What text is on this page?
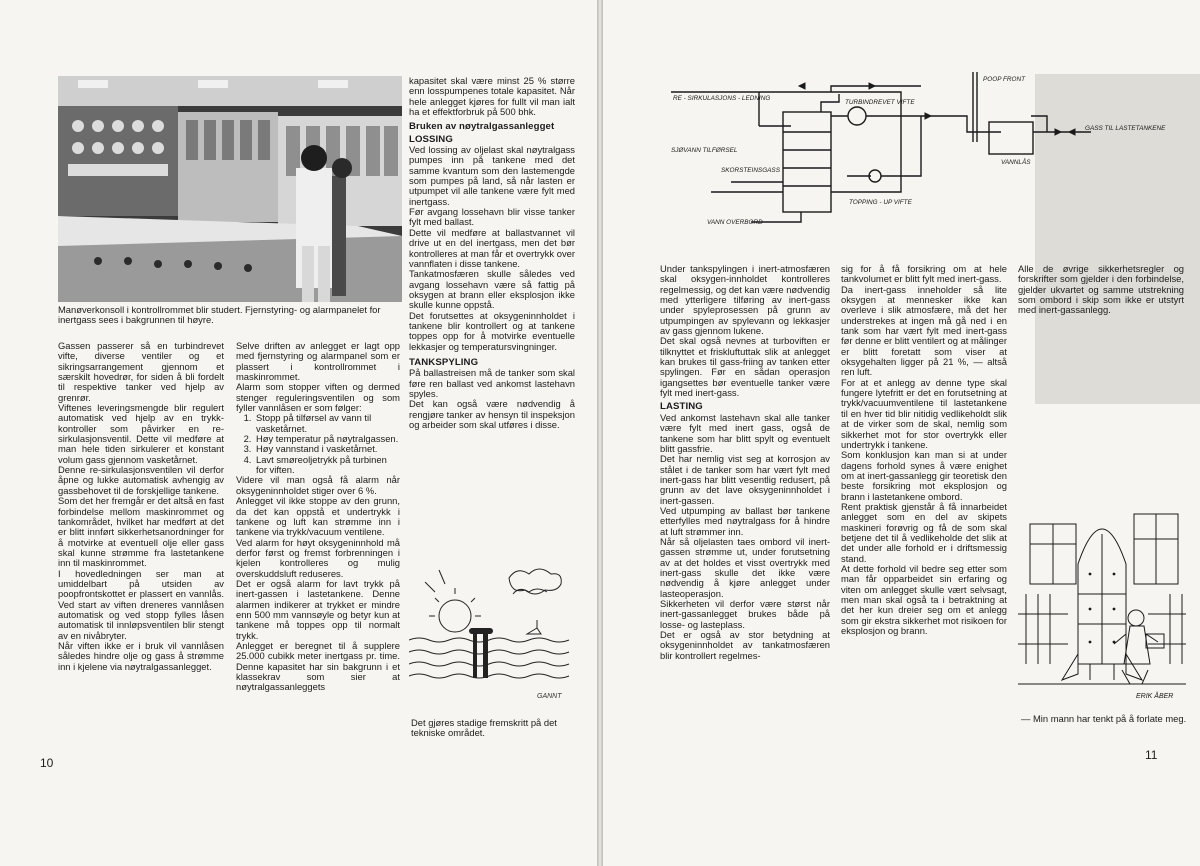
Manøverkonsoll i kontrollrommet blir studert. Fjernstyring- og alarmpanelet for inertgass sees i bakgrunnen til høyre.

Gassen passerer så en turbindrevet vifte, diverse ventiler og et sikringsarrangement gjennom et særskilt hovedrør, for siden å bli fordelt til respektive tanker ved hjelp av grenrør.

Viftenes leveringsmengde blir regulert automatisk ved hjelp av en trykk-kontroller som påvirker en re-sirkulasjonsventil. Dette vil medføre at man hele tiden sirkulerer et konstant volum gass gjennom vasketårnet.

Denne re-sirkulasjonsventilen vil derfor åpne og lukke automatisk avhengig av gassbehovet til de forskjellige tankene.

Som det her fremgår er det altså en fast forbindelse mellom maskinrommet og tankområdet, hvilket har medført at det er blitt innført sikkerhetsanordninger for å motvirke at eventuell olje eller gass skal kunne strømme fra lastetankene inn til maskinrommet.

I hovedledningen ser man at umiddelbart på utsiden av poopfrontskottet er plassert en vannlås. Ved start av viften dreneres vannlåsen automatisk og ved stopp fylles låsen automatisk til innløpsventilen blir stengt av en nivåbryter.

Når viften ikke er i bruk vil vannlåsen således hindre olje og gass å strømme inn i kjelene via nøytralgassanlegget.

Selve driften av anlegget er lagt opp med fjernstyring og alarmpanel som er plassert i kontrollrommet i maskinrommet.

Alarm som stopper viften og dermed stenger reguleringsventilen og som fyller vannlåsen er som følger:

1. Stopp på tilførsel av vann til vasketårnet.
2. Høy temperatur på nøytralgassen.
3. Høy vannstand i vasketårnet.
4. Lavt smøreoljetrykk på turbinen for viften.

Videre vil man også få alarm når oksygeninnholdet stiger over 6 %.

Anlegget vil ikke stoppe av den grunn, da det kan oppstå et undertrykk i tankene og luft kan strømme inn i tankene via trykk/vacuum ventilene.

Ved alarm for høyt oksygeninnhold må derfor først og fremst forbrenningen i kjelen kontrolleres og mulig overskuddsluft reduseres.

Det er også alarm for lavt trykk på inert-gassen i lastetankene. Denne alarmen indikerer at trykket er mindre enn 500 mm vannsøyle og betyr kun at tankene må toppes opp til normalt trykk.

Anlegget er beregnet til å supplere 25.000 cubikk meter inertgass pr. time. Denne kapasitet har sin bakgrunn i et klassekrav som sier at nøytralgassanleggets

kapasitet skal være minst 25 % større enn losspumpenes totale kapasitet. Når hele anlegget kjøres for fullt vil man ialt ha et effektforbruk på 500 bhk.

Bruken av nøytralgassanlegget
LOSSING

Ved lossing av oljelast skal nøytralgass pumpes inn på tankene med det samme kvantum som den lastemengde som pumpes på land, så når lasten er utpumpet vil alle tankene være fylt med inertgass.

Før avgang lossehavn blir visse tanker fylt med ballast.

Dette vil medføre at ballastvannet vil drive ut en del inertgass, men det bør kontrolleres at man får et overtrykk over vannflaten i disse tankene.

Tankatmosfæren skulle således ved avgang lossehavn være så fattig på oksygen at brann eller eksplosjon ikke skulle kunne oppstå.

Det forutsettes at oksygeninnholdet i tankene blir kontrollert og at tankene toppes opp for å motvirke eventuelle lekkasjer og temperatursvingninger.

TANKSPYLING

På ballastreisen må de tanker som skal føre ren ballast ved ankomst lastehavn spyles.

Det kan også være nødvendig å rengjøre tanker av hensyn til inspeksjon og arbeider som skal utføres i disse.

GANNT
Det gjøres stadige fremskritt på det tekniske området.
10
POOP FRONT
RE - SIRKULASJONS - LEDNING
TURBINDREVET VIFTE
GASS TIL LASTETANKENE
SJØVANN TILFØRSEL
SKORSTEINSGASS
VANNLÅS
TOPPING - UP VIFTE
VANN OVERBORD

Under tankspylingen i inert-atmosfæren skal oksygen-innholdet kontrolleres regelmessig, og det kan være nødvendig med ytterligere tilføring av inert-gass under spyleprosessen på grunn av utpumpingen av spylevann og lekkasjer av gass gjennom lukene.

Det skal også nevnes at turboviften er tilknyttet et friskluftuttak slik at anlegget kan brukes til gass-friing av tanken etter spylingen. Før en sådan operasjon igangsettes bør eventuelle tanker være fylt med inert-gass.

LASTING

Ved ankomst lastehavn skal alle tanker være fylt med inert gass, også de tankene som har blitt spylt og eventuelt blitt gassfrie.

Det har nemlig vist seg at korrosjon av stålet i de tanker som har vært fylt med inert-gass har blitt vesentlig redusert, på grunn av det lave oksygeninnholdet i inert-gassen.

Ved utpumping av ballast bør tankene etterfylles med nøytralgass for å hindre at luft strømmer inn.

Når så oljelasten taes ombord vil inert-gassen strømme ut, under forutsetning av at det holdes et visst overtrykk med inert-gass skulle det ikke være nødvendig å kjøre anlegget under lasteoperasjon.

Sikkerheten vil derfor være størst når inert-gassanlegget brukes både på losse- og lasteplass.

Det er også av stor betydning at oksygeninnholdet av tankatmosfæren blir kontrollert regelmes-

sig for å få forsikring om at hele tankvolumet er blitt fylt med inert-gass.

Da inert-gass inneholder så lite oksygen at mennesker ikke kan overleve i slik atmosfære, må det her understrekes at ingen må gå ned i en tank som har vært fylt med inert-gass før denne er blitt ventilert og at målinger er blitt foretatt som viser at oksygehalten ligger på 21 %, — altså ren luft.

For at et anlegg av denne type skal fungere lytefritt er det en forutsetning at trykk/vacuumventilene til lastetankene til en hver tid blir nitidig vedlikeholdt slik at de virker som de skal, nemlig som sikkerhet mot for stor overtrykk eller undertrykk i tankene.

Som konklusjon kan man si at under dagens forhold synes å være enighet om at inert-gassanlegg gir teoretisk den beste forsikring mot eksplosjon og brann i lastetankene ombord.

Rent praktisk gjenstår å få innarbeidet anlegget som en del av skipets maskineri forøvrig og få de som skal betjene det til å vedlikeholde det slik at det under alle forhold er i driftsmessig stand.

At dette forhold vil bedre seg etter som man får opparbeidet sin erfaring og viten om anlegget skulle vært selvsagt, men man skal også ta i betraktning at det her kun dreier seg om et anlegg som gir ekstra sikkerhet mot risikoen for eksplosjon og brann.

Alle de øvrige sikkerhetsregler og forskrifter som gjelder i den forbindelse, gjelder ukvartet og samme utstrekning som ombord i skip som ikke er utstyrt med inert-gassanlegg.

ERIK ÅBER
— Min mann har tenkt på å forlate meg.
11
